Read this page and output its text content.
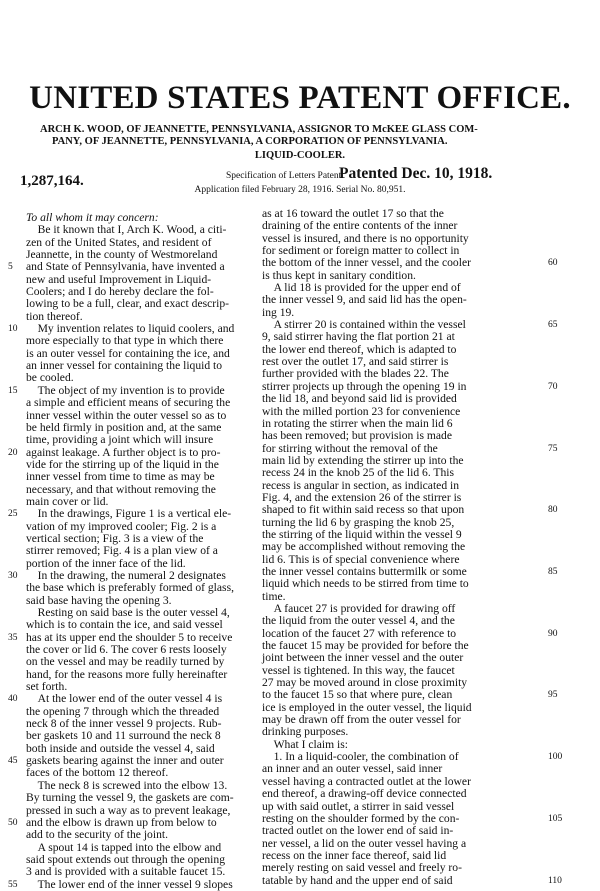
UNITED STATES PATENT OFFICE.
ARCH K. WOOD, OF JEANNETTE, PENNSYLVANIA, ASSIGNOR TO McKEE GLASS COM-
PANY, OF JEANNETTE, PENNSYLVANIA, A CORPORATION OF PENNSYLVANIA.
LIQUID-COOLER.
1,287,164.	Specification of Letters Patent.
Patented Dec. 10, 1918.
Application filed February 28, 1916. Serial No. 80,951.
To all whom it may concern:
 Be it known that I, Arch K. Wood, a citi-
zen of the United States, and resident of
Jeannette, in the county of Westmoreland
and State of Pennsylvania, have invented a
5
new and useful Improvement in Liquid-
Coolers; and I do hereby declare the fol-
lowing to be a full, clear, and exact descrip-
tion thereof.
 My invention relates to liquid coolers, and
10
more especially to that type in which there
is an outer vessel for containing the ice, and
an inner vessel for containing the liquid to
be cooled.
 The object of my invention is to provide
15
a simple and efficient means of securing the
inner vessel within the outer vessel so as to
be held firmly in position and, at the same
time, providing a joint which will insure
against leakage. A further object is to pro-
20
vide for the stirring up of the liquid in the
inner vessel from time to time as may be
necessary, and that without removing the
main cover or lid.
 In the drawings, Figure 1 is a vertical ele-
25
vation of my improved cooler; Fig. 2 is a
vertical section; Fig. 3 is a view of the
stirrer removed; Fig. 4 is a plan view of a
portion of the inner face of the lid.
 In the drawing, the numeral 2 designates
30
the base which is preferably formed of glass,
said base having the opening 3.
 Resting on said base is the outer vessel 4,
which is to contain the ice, and said vessel
has at its upper end the shoulder 5 to receive
35
the cover or lid 6. The cover 6 rests loosely
on the vessel and may be readily turned by
hand, for the reasons more fully hereinafter
set forth.
 At the lower end of the outer vessel 4 is
40
the opening 7 through which the threaded
neck 8 of the inner vessel 9 projects. Rub-
ber gaskets 10 and 11 surround the neck 8
both inside and outside the vessel 4, said
gaskets bearing against the inner and outer
45
faces of the bottom 12 thereof.
 The neck 8 is screwed into the elbow 13.
By turning the vessel 9, the gaskets are com-
pressed in such a way as to prevent leakage,
and the elbow is drawn up from below to
50
add to the security of the joint.
 A spout 14 is tapped into the elbow and
said spout extends out through the opening
3 and is provided with a suitable faucet 15.
 The lower end of the inner vessel 9 slopes
55
as at 16 toward the outlet 17 so that the
draining of the entire contents of the inner
vessel is insured, and there is no opportunity
for sediment or foreign matter to collect in
the bottom of the inner vessel, and the cooler	60
is thus kept in sanitary condition.
 A lid 18 is provided for the upper end of
the inner vessel 9, and said lid has the open-
ing 19.
 A stirrer 20 is contained within the vessel	65
9, said stirrer having the flat portion 21 at
the lower end thereof, which is adapted to
rest over the outlet 17, and said stirrer is
further provided with the blades 22. The
stirrer projects up through the opening 19 in	70
the lid 18, and beyond said lid is provided
with the milled portion 23 for convenience
in rotating the stirrer when the main lid 6
has been removed; but provision is made
for stirring without the removal of the	75
main lid by extending the stirrer up into the
recess 24 in the knob 25 of the lid 6. This
recess is angular in section, as indicated in
Fig. 4, and the extension 26 of the stirrer is
shaped to fit within said recess so that upon	80
turning the lid 6 by grasping the knob 25,
the stirring of the liquid within the vessel 9
may be accomplished without removing the
lid 6. This is of special convenience where
the inner vessel contains buttermilk or some	85
liquid which needs to be stirred from time to
time.
 A faucet 27 is provided for drawing off
the liquid from the outer vessel 4, and the
location of the faucet 27 with reference to	90
the faucet 15 may be provided for before the
joint between the inner vessel and the outer
vessel is tightened. In this way, the faucet
27 may be moved around in close proximity
to the faucet 15 so that where pure, clean	95
ice is employed in the outer vessel, the liquid
may be drawn off from the outer vessel for
drinking purposes.
 What I claim is:
 1. In a liquid-cooler, the combination of	100
an inner and an outer vessel, said inner
vessel having a contracted outlet at the lower
end thereof, a drawing-off device connected
up with said outlet, a stirrer in said vessel
resting on the shoulder formed by the con-	105
tracted outlet on the lower end of said in-
ner vessel, a lid on the outer vessel having a
recess on the inner face thereof, said lid
merely resting on said vessel and freely ro-
tatable by hand and the upper end of said	110
